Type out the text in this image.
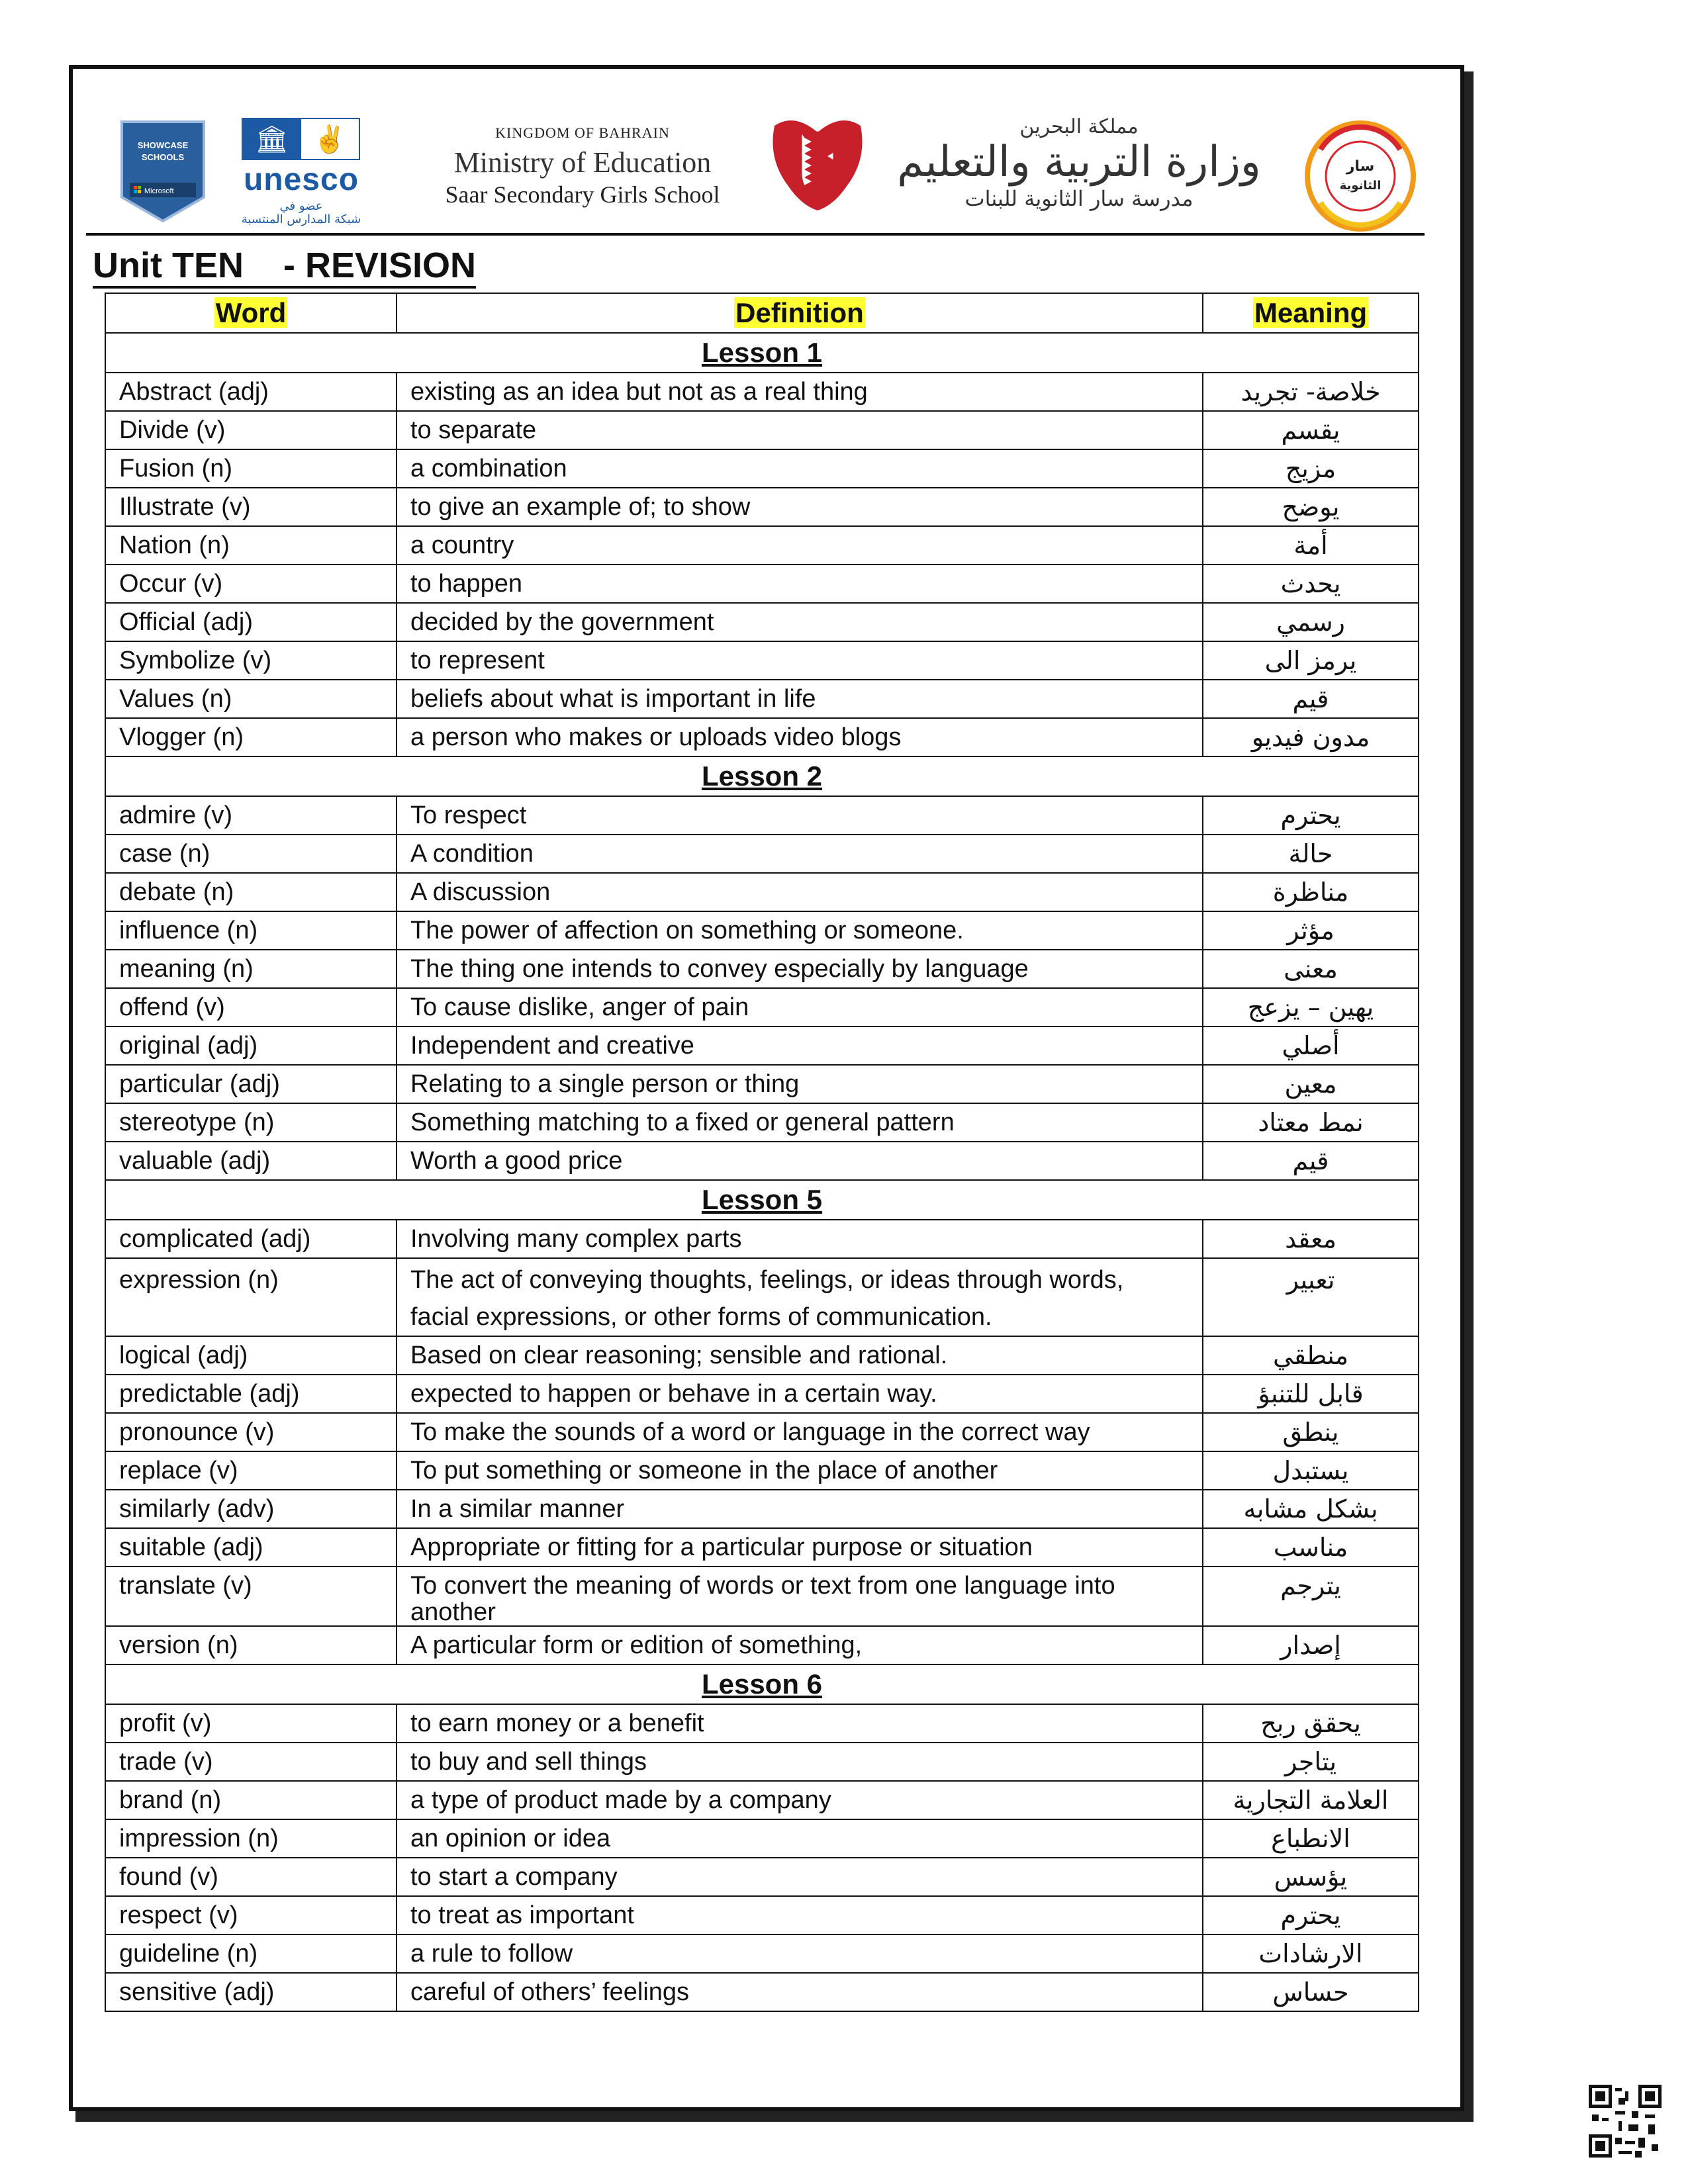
SHOWCASE
SCHOOLS
Microsoft
🏛 ✌
unesco
عضو في
شبكة المدارس المنتسبة
KINGDOM OF BAHRAIN
Ministry of Education
Saar Secondary Girls School
مملكة البحرين
وزارة التربية والتعليم
مدرسة سار الثانوية للبنات
سار
الثانوية
Unit TEN    - REVISION
Word	Definition	Meaning
Lesson 1		
Abstract (adj)	existing as an idea but not as a real thing	خلاصة- تجريد
Divide (v)	to separate	يقسم
Fusion (n)	a combination	مزيج
Illustrate (v)	to give an example of; to show	يوضح
Nation (n)	a country	أمة
Occur (v)	to happen	يحدث
Official (adj)	decided by the government	رسمي
Symbolize (v)	to represent	يرمز الى
Values (n)	beliefs about what is important in life	قيم
Vlogger (n)	a person who makes or uploads video blogs	مدون فيديو
Lesson 2		
admire (v)	To respect	يحترم
case (n)	A condition	حالة
debate (n)	A discussion	مناظرة
influence (n)	The power of affection on something or someone.	مؤثر
meaning (n)	The thing one intends to convey especially by language	معنى
offend (v)	To cause dislike, anger of pain	يهين – يزعج
original (adj)	Independent and creative	أصلي
particular (adj)	Relating to a single person or thing	معين
stereotype (n)	Something matching to a fixed or general pattern	نمط معتاد
valuable (adj)	Worth a good price	قيم
Lesson 5		
complicated (adj)	Involving many complex parts	معقد
expression (n)	The act of conveying thoughts, feelings, or ideas through words, facial expressions, or other forms of communication.	تعبير
logical (adj)	Based on clear reasoning; sensible and rational.	منطقي
predictable (adj)	expected to happen or behave in a certain way.	قابل للتنبؤ
pronounce (v)	To make the sounds of a word or language in the correct way	ينطق
replace (v)	To put something or someone in the place of another	يستبدل
similarly (adv)	In a similar manner	بشكل مشابه
suitable (adj)	Appropriate or fitting for a particular purpose or situation	مناسب
translate (v)	To convert the meaning of words or text from one language into another	يترجم
version (n)	A particular form or edition of something,	إصدار
Lesson 6		
profit (v)	to earn money or a benefit	يحقق ربح
trade (v)	to buy and sell things	يتاجر
brand (n)	a type of product made by a company	العلامة التجارية
impression (n)	an opinion or idea	الانطباع
found (v)	to start a company	يؤسس
respect (v)	to treat as important	يحترم
guideline (n)	a rule to follow	الارشادات
sensitive (adj)	careful of others’ feelings	حساس
